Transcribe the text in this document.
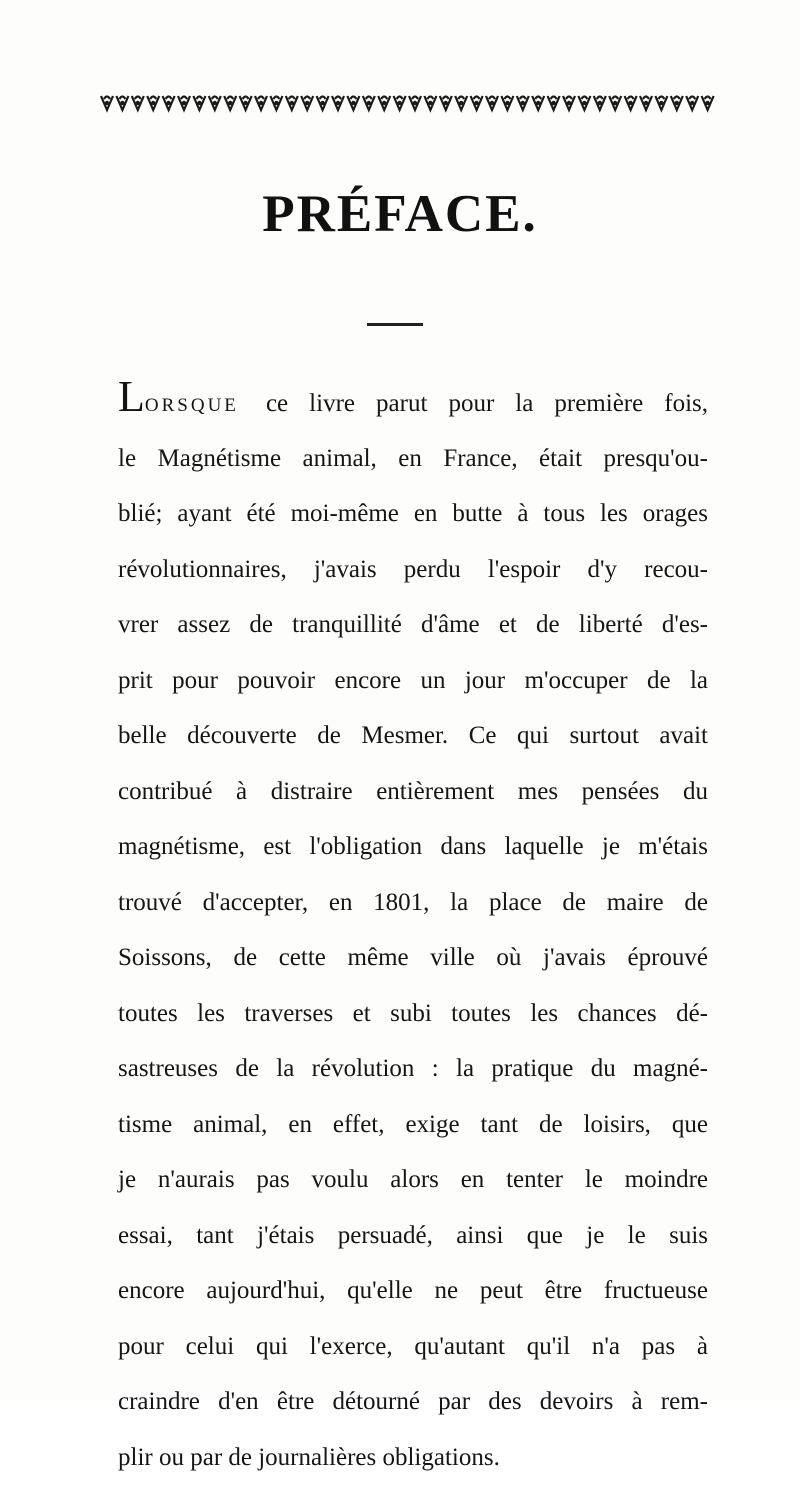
PRÉFACE.
LORSQUE ce livre parut pour la première fois,
le Magnétisme animal, en France, était presqu'ou-
blié; ayant été moi-même en butte à tous les orages
révolutionnaires, j'avais perdu l'espoir d'y recou-
vrer assez de tranquillité d'âme et de liberté d'es-
prit pour pouvoir encore un jour m'occuper de la
belle découverte de Mesmer. Ce qui surtout avait
contribué à distraire entièrement mes pensées du
magnétisme, est l'obligation dans laquelle je m'étais
trouvé d'accepter, en 1801, la place de maire de
Soissons, de cette même ville où j'avais éprouvé
toutes les traverses et subi toutes les chances dé-
sastreuses de la révolution : la pratique du magné-
tisme animal, en effet, exige tant de loisirs, que
je n'aurais pas voulu alors en tenter le moindre
essai, tant j'étais persuadé, ainsi que je le suis
encore aujourd'hui, qu'elle ne peut être fructueuse
pour celui qui l'exerce, qu'autant qu'il n'a pas à
craindre d'en être détourné par des devoirs à rem-
plir ou par de journalières obligations.
